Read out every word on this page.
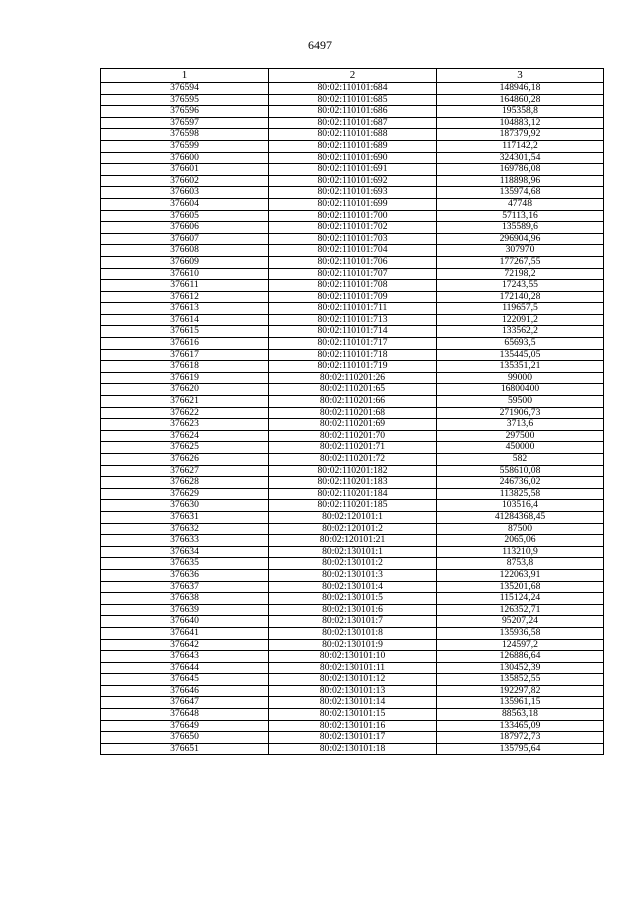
6497
1	2	3
376594	80:02:110101:684	148946,18
376595	80:02:110101:685	164860,28
376596	80:02:110101:686	195358,8
376597	80:02:110101:687	104883,12
376598	80:02:110101:688	187379,92
376599	80:02:110101:689	117142,2
376600	80:02:110101:690	324301,54
376601	80:02:110101:691	169786,08
376602	80:02:110101:692	118898,96
376603	80:02:110101:693	135974,68
376604	80:02:110101:699	47748
376605	80:02:110101:700	57113,16
376606	80:02:110101:702	135589,6
376607	80:02:110101:703	296904,96
376608	80:02:110101:704	307970
376609	80:02:110101:706	177267,55
376610	80:02:110101:707	72198,2
376611	80:02:110101:708	17243,55
376612	80:02:110101:709	172140,28
376613	80:02:110101:711	119657,5
376614	80:02:110101:713	122091,2
376615	80:02:110101:714	133562,2
376616	80:02:110101:717	65693,5
376617	80:02:110101:718	135445,05
376618	80:02:110101:719	135351,21
376619	80:02:110201:26	99000
376620	80:02:110201:65	16800400
376621	80:02:110201:66	59500
376622	80:02:110201:68	271906,73
376623	80:02:110201:69	3713,6
376624	80:02:110201:70	297500
376625	80:02:110201:71	450000
376626	80:02:110201:72	582
376627	80:02:110201:182	558610,08
376628	80:02:110201:183	246736,02
376629	80:02:110201:184	113825,58
376630	80:02:110201:185	103516,4
376631	80:02:120101:1	41284368,45
376632	80:02:120101:2	87500
376633	80:02:120101:21	2065,06
376634	80:02:130101:1	113210,9
376635	80:02:130101:2	8753,8
376636	80:02:130101:3	122063,91
376637	80:02:130101:4	135201,68
376638	80:02:130101:5	115124,24
376639	80:02:130101:6	126352,71
376640	80:02:130101:7	95207,24
376641	80:02:130101:8	135936,58
376642	80:02:130101:9	124597,2
376643	80:02:130101:10	126886,64
376644	80:02:130101:11	130452,39
376645	80:02:130101:12	135852,55
376646	80:02:130101:13	192297,82
376647	80:02:130101:14	135961,15
376648	80:02:130101:15	88563,18
376649	80:02:130101:16	133465,09
376650	80:02:130101:17	187972,73
376651	80:02:130101:18	135795,64
